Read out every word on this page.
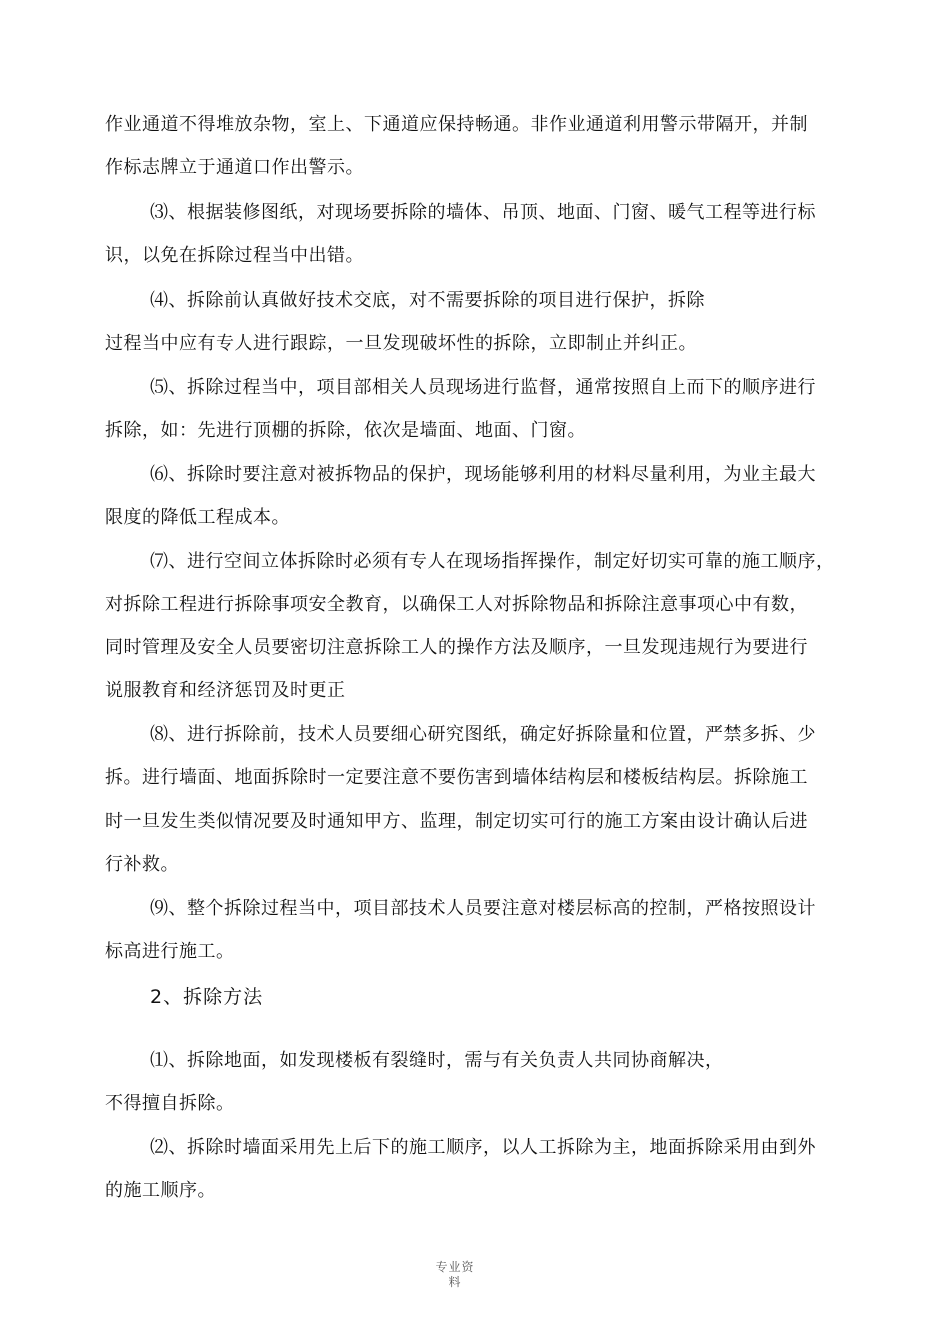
作业通道不得堆放杂物，室上、下通道应保持畅通。非作业通道利用警示带隔开，并制
作标志牌立于通道口作出警示。
⑶、根据装修图纸，对现场要拆除的墙体、吊顶、地面、门窗、暖气工程等进行标
识，以免在拆除过程当中出错。
⑷、拆除前认真做好技术交底，对不需要拆除的项目进行保护，拆除
过程当中应有专人进行跟踪，一旦发现破坏性的拆除，立即制止并纠正。
⑸、拆除过程当中，项目部相关人员现场进行监督，通常按照自上而下的顺序进行
拆除，如：先进行顶棚的拆除，依次是墙面、地面、门窗。
⑹、拆除时要注意对被拆物品的保护，现场能够利用的材料尽量利用，为业主最大
限度的降低工程成本。
⑺、进行空间立体拆除时必须有专人在现场指挥操作，制定好切实可靠的施工顺序，
对拆除工程进行拆除事项安全教育，以确保工人对拆除物品和拆除注意事项心中有数，
同时管理及安全人员要密切注意拆除工人的操作方法及顺序，一旦发现违规行为要进行
说服教育和经济惩罚及时更正
⑻、进行拆除前，技术人员要细心研究图纸，确定好拆除量和位置，严禁多拆、少
拆。进行墙面、地面拆除时一定要注意不要伤害到墙体结构层和楼板结构层。拆除施工
时一旦发生类似情况要及时通知甲方、监理，制定切实可行的施工方案由设计确认后进
行补救。
⑼、整个拆除过程当中，项目部技术人员要注意对楼层标高的控制，严格按照设计
标高进行施工。
2、拆除方法
⑴、拆除地面，如发现楼板有裂缝时，需与有关负责人共同协商解决，
不得擅自拆除。
⑵、拆除时墙面采用先上后下的施工顺序，以人工拆除为主，地面拆除采用由到外
的施工顺序。
专业资
料
